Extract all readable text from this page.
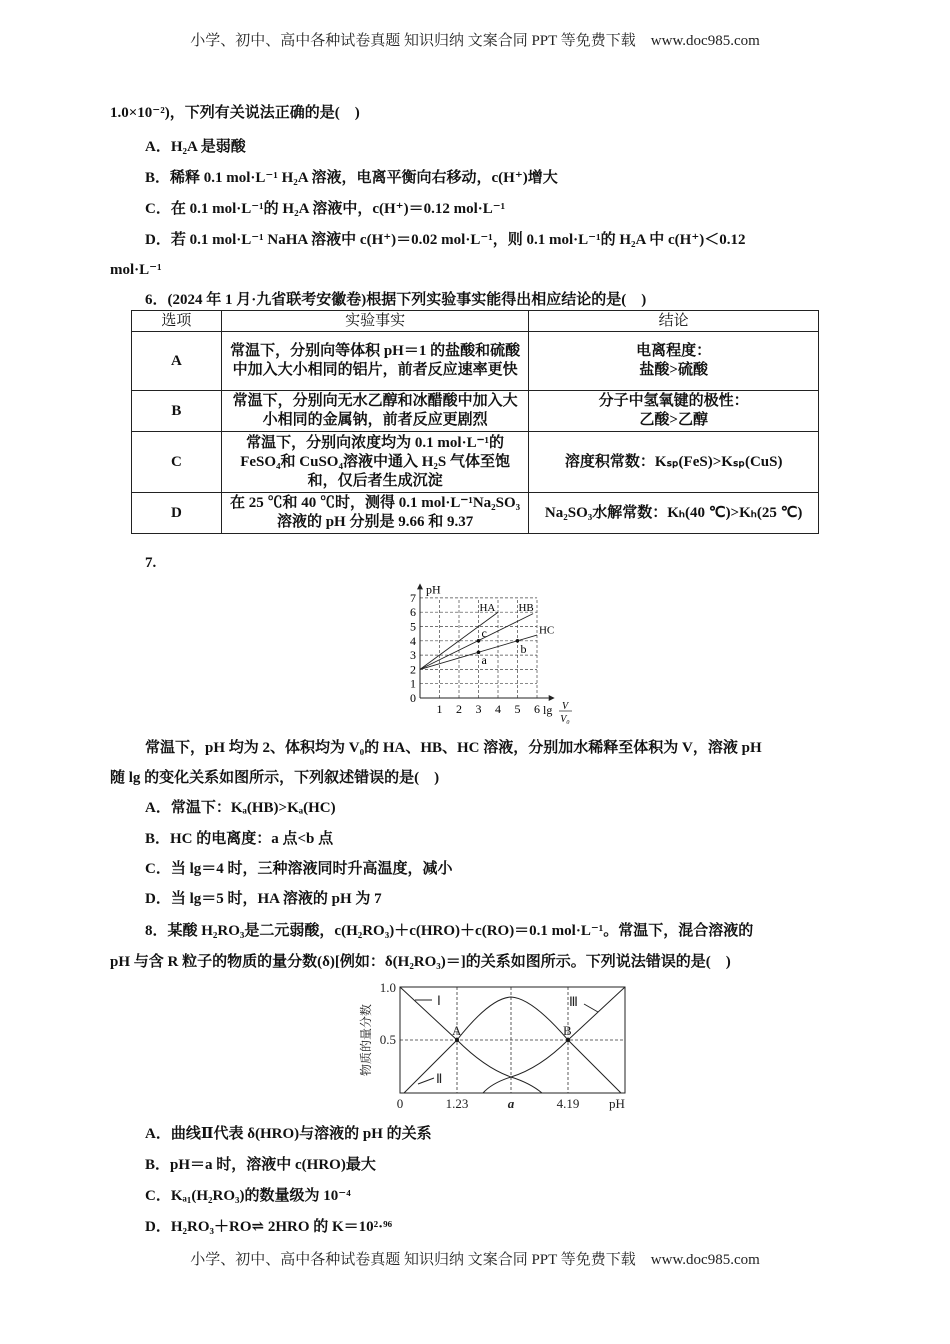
小学、初中、高中各种试卷真题 知识归纳 文案合同 PPT 等免费下载　www.doc985.com
1.0×10⁻²)，下列有关说法正确的是(　)
A．H₂A 是弱酸
B．稀释 0.1 mol·L⁻¹ H₂A 溶液，电离平衡向右移动，c(H⁺)增大
C．在 0.1 mol·L⁻¹的 H₂A 溶液中，c(H⁺)＝0.12 mol·L⁻¹
D．若 0.1 mol·L⁻¹ NaHA 溶液中 c(H⁺)＝0.02 mol·L⁻¹，则 0.1 mol·L⁻¹的 H₂A 中 c(H⁺)＜0.12
mol·L⁻¹
6．(2024 年 1 月·九省联考安徽卷)根据下列实验事实能得出相应结论的是(　)
选项	实验事实	结论
A	常温下，分别向等体积 pH＝1 的盐酸和硫酸中加入大小相同的铝片，前者反应速率更快	电离程度：
盐酸>硫酸
B	常温下，分别向无水乙醇和冰醋酸中加入大小相同的金属钠，前者反应更剧烈	分子中氢氧键的极性：
乙酸>乙醇
C	常温下，分别向浓度均为 0.1 mol·L⁻¹的 FeSO₄和 CuSO₄溶液中通入 H₂S 气体至饱和，仅后者生成沉淀	溶度积常数：Kₛₚ(FeS)>Kₛₚ(CuS)
D	在 25 ℃和 40 ℃时，测得 0.1 mol·L⁻¹Na₂SO₃溶液的 pH 分别是 9.66 和 9.37	Na₂SO₃水解常数：Kₕ(40 ℃)>Kₕ(25 ℃)
7.
0
1
2
3
4
5
6
7
1 2 3 4 5 6
pH
lg V
V₀
HA HB
HC
c
a
b
常温下，pH 均为 2、体积均为 V₀的 HA、HB、HC 溶液，分别加水稀释至体积为 V，溶液 pH
随 lg 的变化关系如图所示，下列叙述错误的是(　)
A．常温下：Kₐ(HB)>Kₐ(HC)
B．HC 的电离度：a 点<b 点
C．当 lg＝4 时，三种溶液同时升高温度，减小
D．当 lg＝5 时，HA 溶液的 pH 为 7
8．某酸 H₂RO₃是二元弱酸，c(H₂RO₃)＋c(HRO)＋c(RO)＝0.1 mol·L⁻¹。常温下，混合溶液的
pH 与含 R 粒子的物质的量分数(δ)[例如：δ(H₂RO₃)＝]的关系如图所示。下列说法错误的是(　)
Ⅰ
Ⅱ
Ⅲ
A	B
1.0
0.5
0	1.23	a	4.19 pH
物质的量分数
A．曲线Ⅱ代表 δ(HRO)与溶液的 pH 的关系
B．pH＝a 时，溶液中 c(HRO)最大
C．Kₐ₁(H₂RO₃)的数量级为 10⁻⁴
D．H₂RO₃＋RO⇌ 2HRO 的 K＝10²·⁹⁶
小学、初中、高中各种试卷真题 知识归纳 文案合同 PPT 等免费下载　www.doc985.com
